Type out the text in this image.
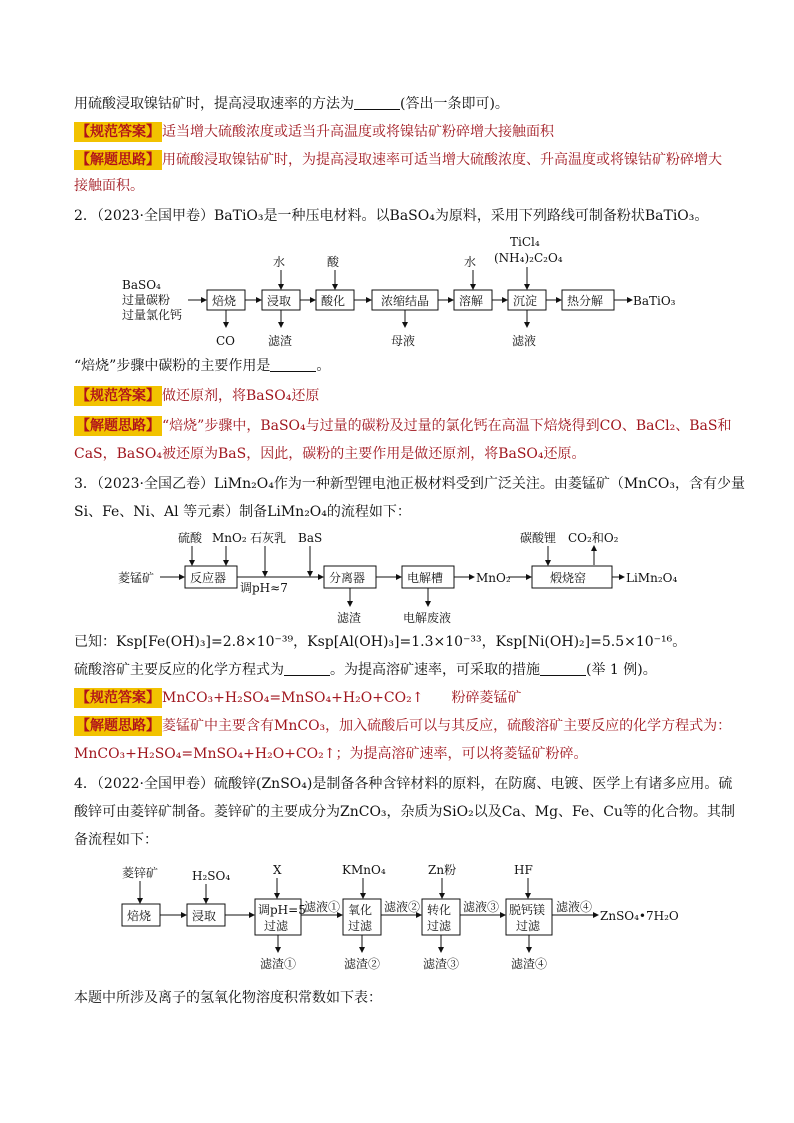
用硫酸浸取镍钴矿时，提高浸取速率的方法为	(答出一条即可)。
【规范答案】 适当增大硫酸浓度或适当升高温度或将镍钴矿粉碎增大接触面积
【解题思路】 用硫酸浸取镍钴矿时，为提高浸取速率可适当增大硫酸浓度、升高温度或将镍钴矿粉碎增大
接触面积。
2．（2023·全国甲卷）BaTiO₃是一种压电材料。以BaSO₄为原料，采用下列路线可制备粉状BaTiO₃。
BaSO₄
过量碳粉
过量氯化钙
焙烧	浸取 酸化	浓缩结晶 溶解 沉淀 热分解 BaTiO₃
水	酸	水
TiCl₄
(NH₄)₂C₂O₄
CO	滤渣	母液	滤液
“焙烧”步骤中碳粉的主要作用是	。
【规范答案】 做还原剂，将BaSO₄还原
【解题思路】 “焙烧”步骤中，BaSO₄与过量的碳粉及过量的氯化钙在高温下焙烧得到CO、BaCl₂、BaS和
CaS，BaSO₄被还原为BaS，因此，碳粉的主要作用是做还原剂，将BaSO₄还原。
3．（2023·全国乙卷）LiMn₂O₄作为一种新型锂电池正极材料受到广泛关注。由菱锰矿（MnCO₃，含有少量
Si、Fe、Ni、Al 等元素）制备LiMn₂O₄的流程如下：
菱锰矿	反应器
调pH≈7
分离器	电解槽	MnO₂	煅烧窑	LiMn₂O₄
硫酸 MnO₂ 石灰乳 BaS	碳酸锂 CO₂和O₂
滤渣	电解废液
已知：Ksp[Fe(OH)₃]=2.8×10⁻³⁹，Ksp[Al(OH)₃]=1.3×10⁻³³，Ksp[Ni(OH)₂]=5.5×10⁻¹⁶。
硫酸溶矿主要反应的化学方程式为	。为提高溶矿速率，可采取的措施	(举 1 例)。
【规范答案】 MnCO₃+H₂SO₄=MnSO₄+H₂O+CO₂↑　　粉碎菱锰矿
【解题思路】 菱锰矿中主要含有MnCO₃，加入硫酸后可以与其反应，硫酸溶矿主要反应的化学方程式为：
MnCO₃+H₂SO₄=MnSO₄+H₂O+CO₂↑；为提高溶矿速率，可以将菱锰矿粉碎。
4．（2022·全国甲卷）硫酸锌(ZnSO₄)是制备各种含锌材料的原料，在防腐、电镀、医学上有诸多应用。硫
酸锌可由菱锌矿制备。菱锌矿的主要成分为ZnCO₃，杂质为SiO₂以及Ca、Mg、Fe、Cu等的化合物。其制
备流程如下：
菱锌矿	H₂SO₄	X	KMnO₄	Zn粉	HF
焙烧	浸取	调pH=5
过滤
滤液① 氧化
过滤
滤液② 转化
过滤
滤液③ 脱钙镁
过滤
滤液④
ZnSO₄•7H₂O
滤渣①	滤渣②	滤渣③	滤渣④
本题中所涉及离子的氢氧化物溶度积常数如下表：
